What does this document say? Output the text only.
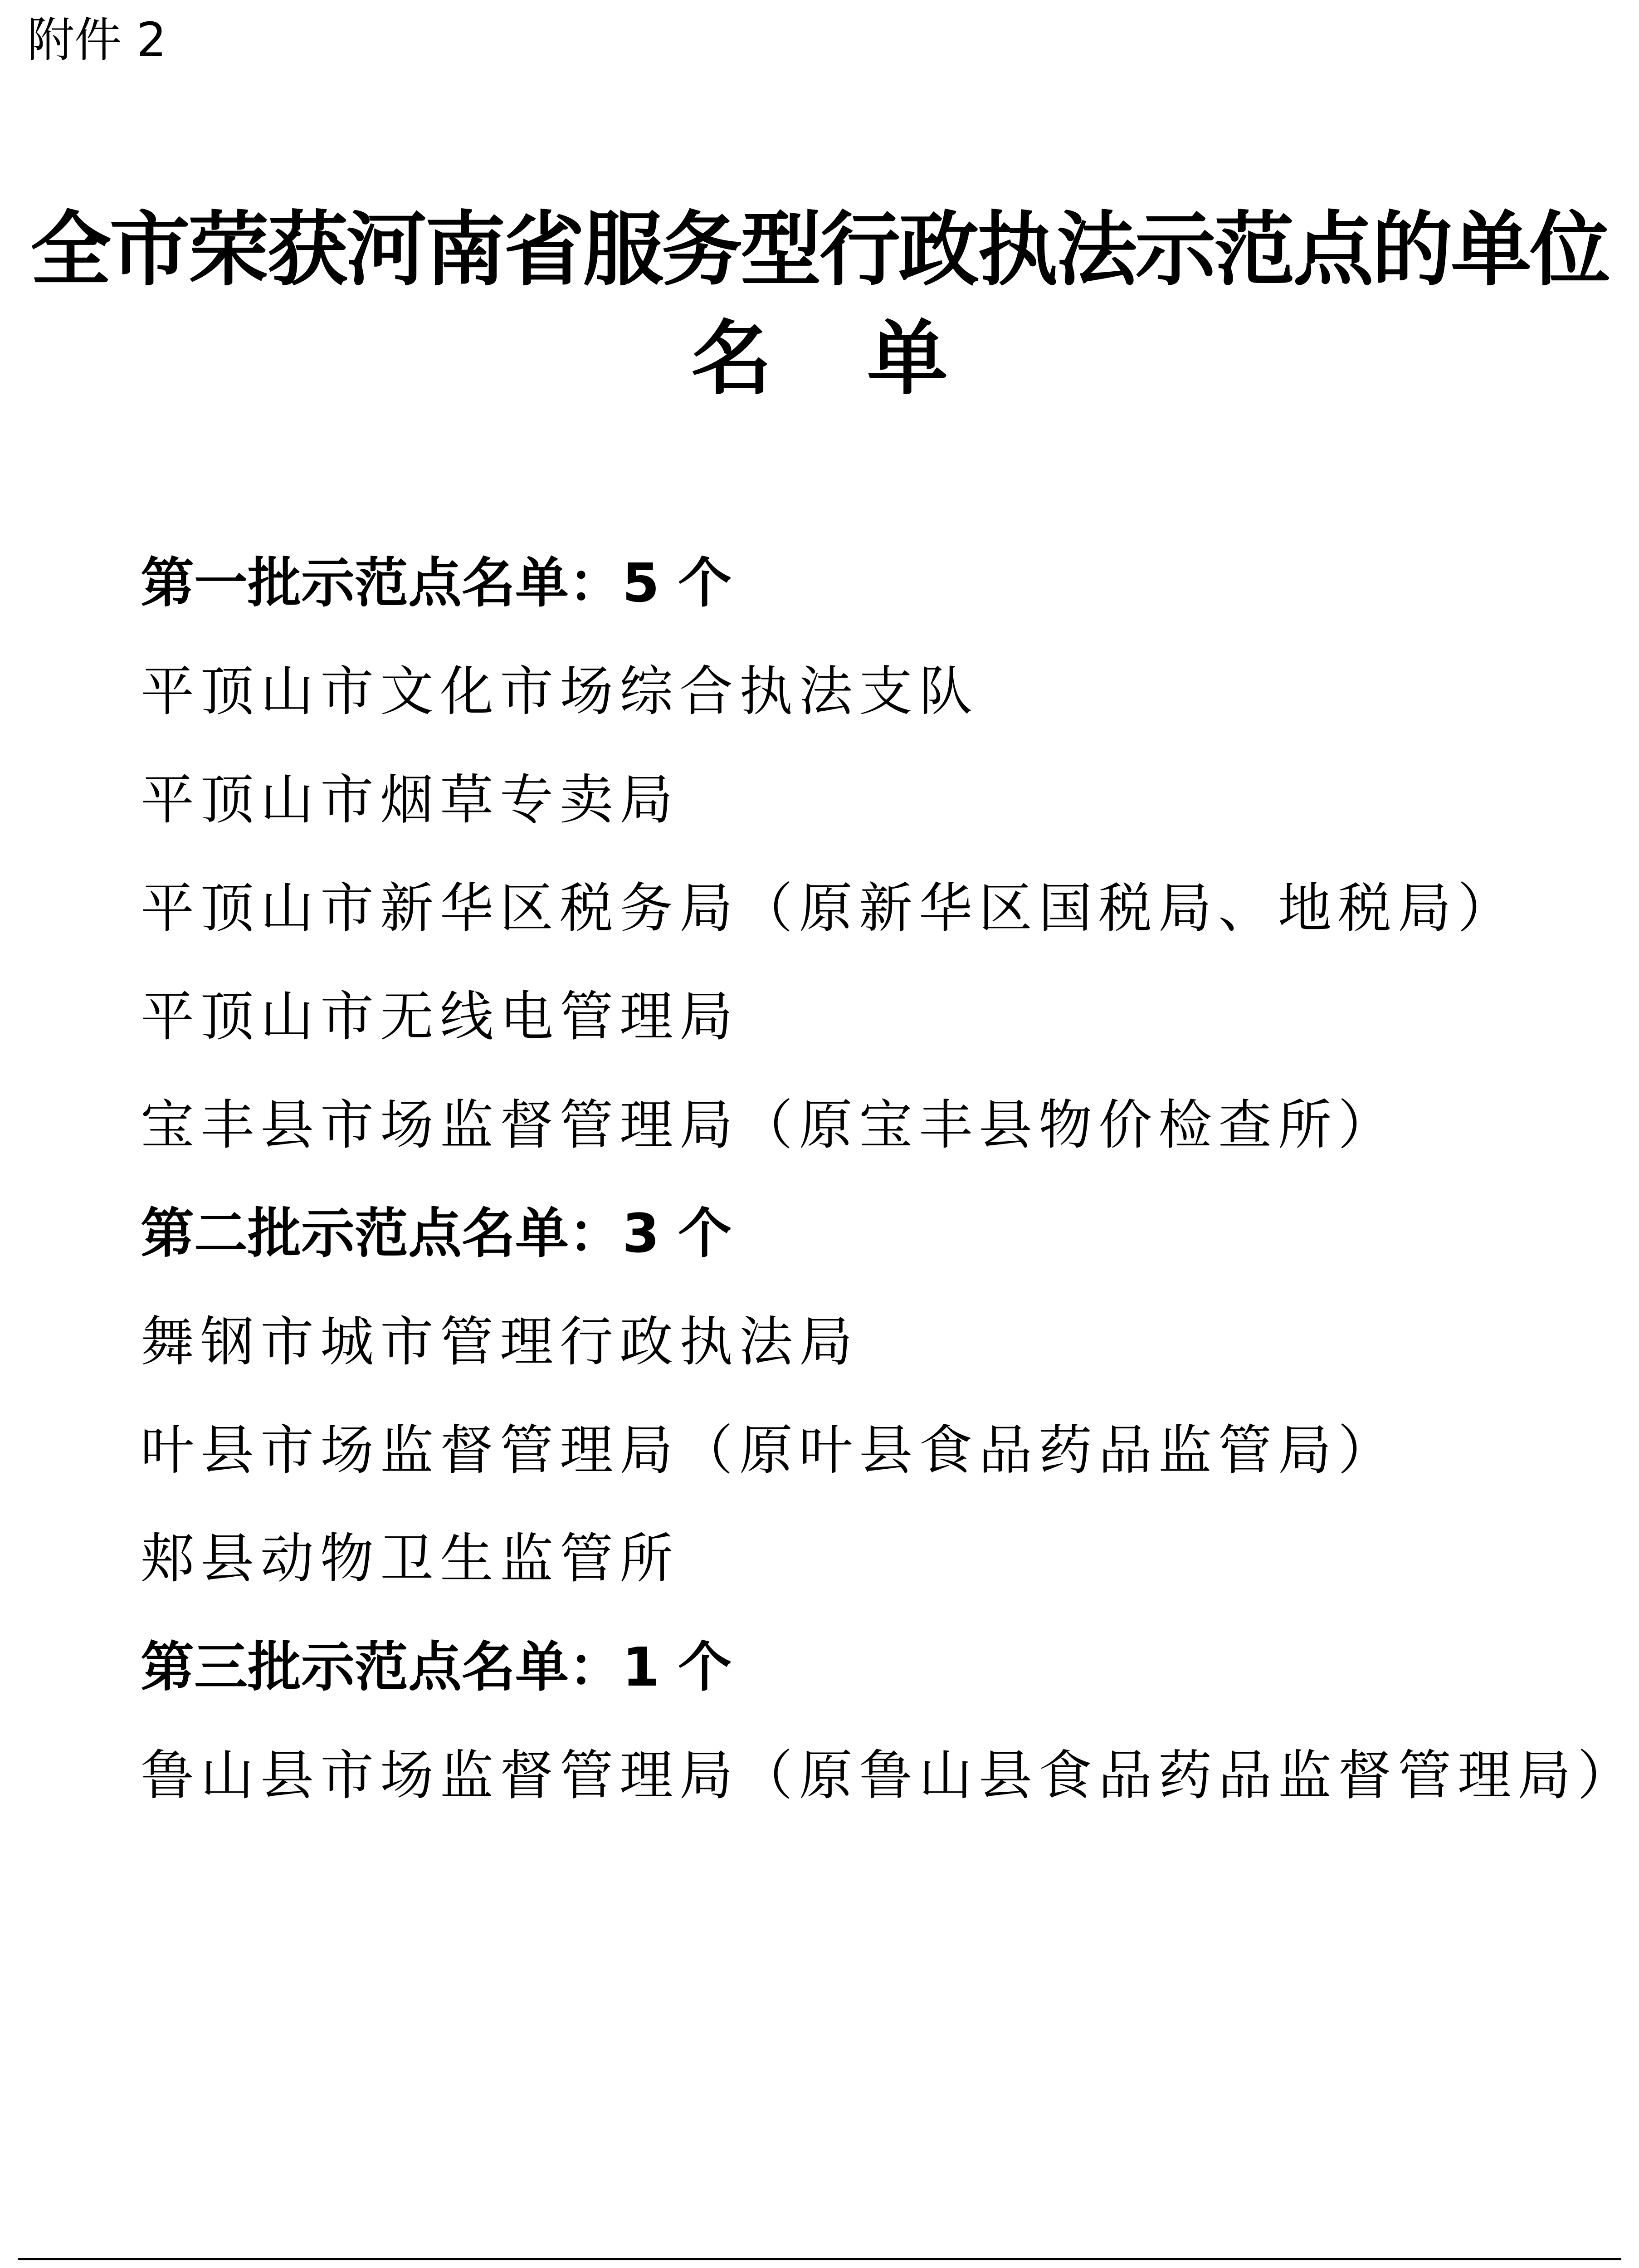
附件 2
全市荣获河南省服务型行政执法示范点的单位
名单
第一批示范点名单：5 个
平顶山市文化市场综合执法支队
平顶山市烟草专卖局
平顶山市新华区税务局（原新华区国税局、地税局）
平顶山市无线电管理局
宝丰县市场监督管理局（原宝丰县物价检查所）
第二批示范点名单：3 个
舞钢市城市管理行政执法局
叶县市场监督管理局（原叶县食品药品监管局）
郏县动物卫生监管所
第三批示范点名单：1 个
鲁山县市场监督管理局（原鲁山县食品药品监督管理局）
